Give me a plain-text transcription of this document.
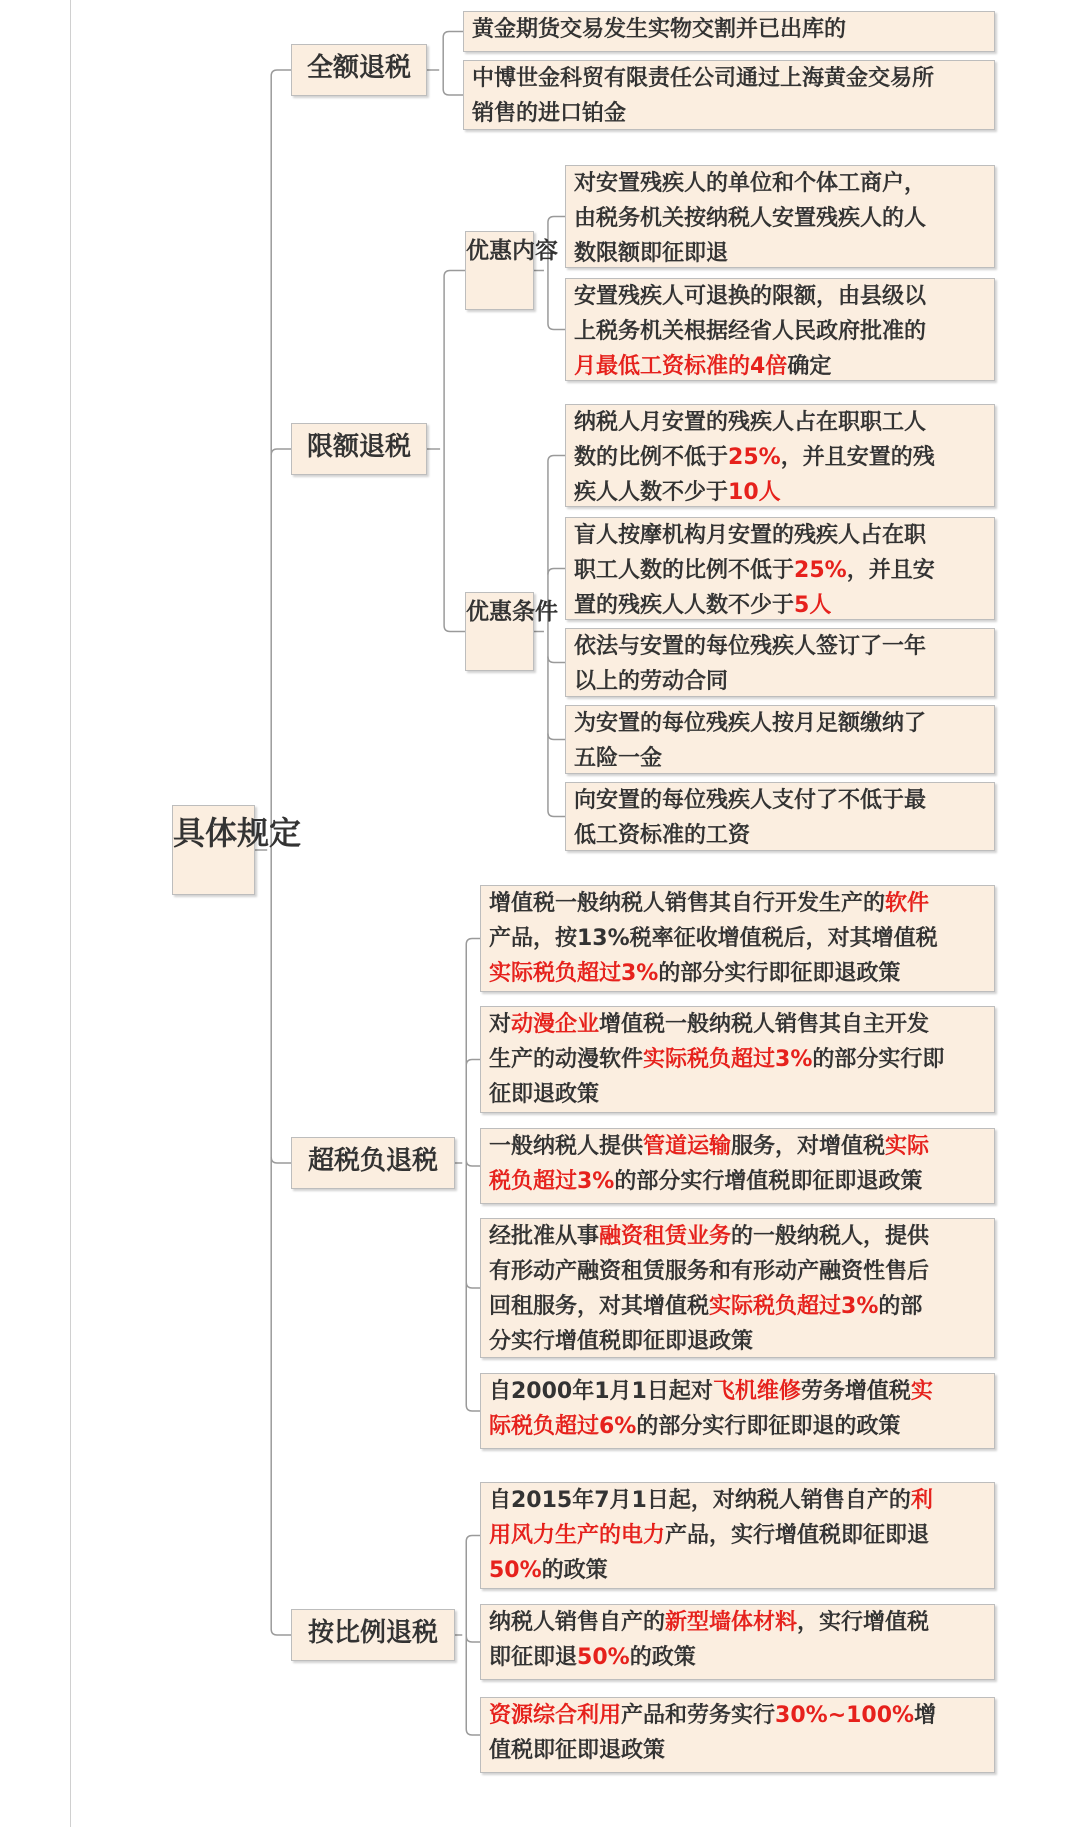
具体规定
全额退税
黄金期货交易发生实物交割并已出库的
中博世金科贸有限责任公司通过上海黄金交易所
销售的进口铂金
限额退税
优惠内容
对安置残疾人的单位和个体工商户，
由税务机关按纳税人安置残疾人的人
数限额即征即退
安置残疾人可退换的限额，由县级以
上税务机关根据经省人民政府批准的
月最低工资标准的4倍确定
优惠条件
纳税人月安置的残疾人占在职职工人
数的比例不低于25%，并且安置的残
疾人人数不少于10人
盲人按摩机构月安置的残疾人占在职
职工人数的比例不低于25%，并且安
置的残疾人人数不少于5人
依法与安置的每位残疾人签订了一年
以上的劳动合同
为安置的每位残疾人按月足额缴纳了
五险一金
向安置的每位残疾人支付了不低于最
低工资标准的工资
超税负退税
增值税一般纳税人销售其自行开发生产的软件
产品，按13%税率征收增值税后，对其增值税
实际税负超过3%的部分实行即征即退政策
对动漫企业增值税一般纳税人销售其自主开发
生产的动漫软件实际税负超过3%的部分实行即
征即退政策
一般纳税人提供管道运输服务，对增值税实际
税负超过3%的部分实行增值税即征即退政策
经批准从事融资租赁业务的一般纳税人，提供
有形动产融资租赁服务和有形动产融资性售后
回租服务，对其增值税实际税负超过3%的部
分实行增值税即征即退政策
自2000年1月1日起对飞机维修劳务增值税实
际税负超过6%的部分实行即征即退的政策
按比例退税
自2015年7月1日起，对纳税人销售自产的利
用风力生产的电力产品，实行增值税即征即退
50%的政策
纳税人销售自产的新型墙体材料，实行增值税
即征即退50%的政策
资源综合利用产品和劳务实行30%~100%增
值税即征即退政策
